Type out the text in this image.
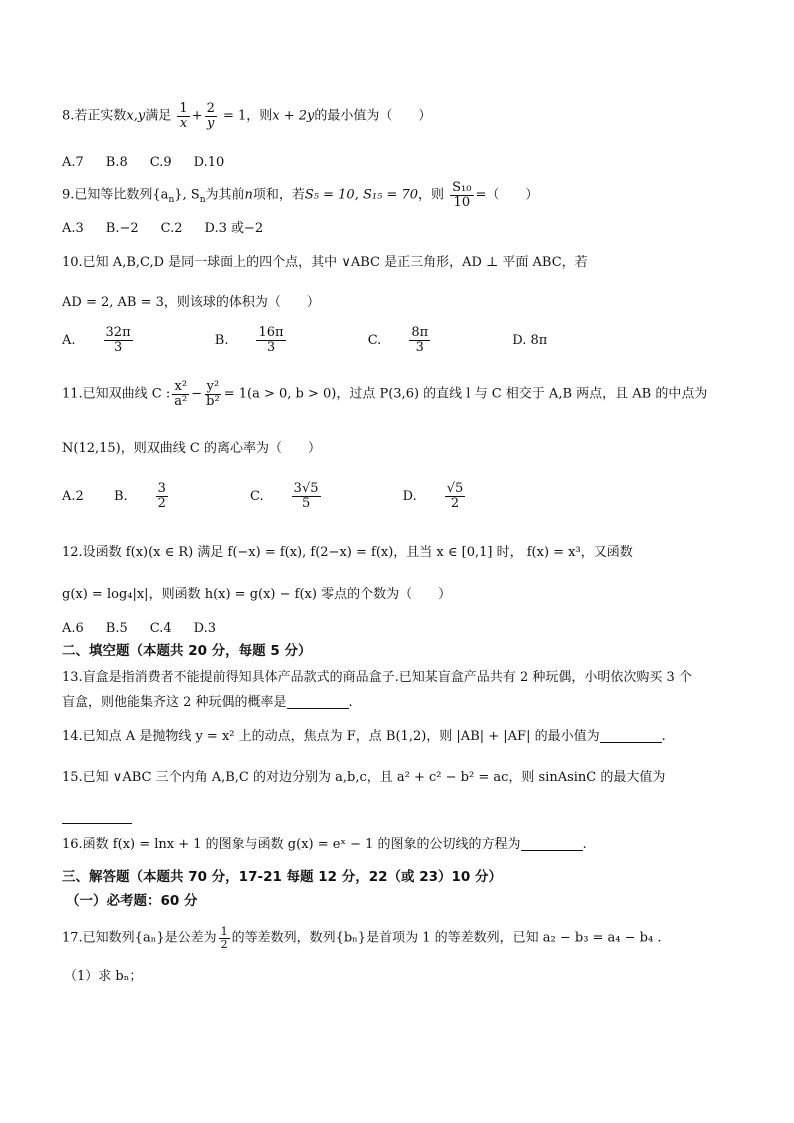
8.若正实数x,y满足 $\frac{1}{x} + \frac{2}{y} = 1$，则x + 2y的最小值为（　　）
A.7 B.8 C.9 D.10
9.已知等比数列$\{a_n\}$, $S_n$为其前n项和，若S₅ = 10, S₁₅ = 70，则 $\frac{\text{S₁₀}}{10}$ =（　　）
A.3 B.−2 C.2 D.3 或−2
10.已知 A,B,C,D 是同一球面上的四个点，其中 ∨ABC 是正三角形，AD ⊥ 平面 ABC，若
AD = 2, AB = 3，则该球的体积为（　　）
A. $\frac{32\pi}{3}$	B. $\frac{16\pi}{3}$	C. $\frac{8\pi}{3}$	D. 8π
11.已知双曲线 C : $\frac{\text{x²}}{\text{a²}} - \frac{\text{y²}}{\text{b²}} = 1(a > 0$, b > 0)，过点 P(3,6) 的直线 l 与 C 相交于 A,B 两点，且 AB 的中点为
N(12,15)，则双曲线 C 的离心率为（　　）
A.2 B. $\frac{3}{2}$	C. $\frac{3√5}{5}$	D. $\frac{√5}{2}$
12.设函数 f(x)(x ∈ R) 满足 f(−x) = f(x), f(2−x) = f(x)，且当 x ∈ [0,1] 时， f(x) = x³，又函数
g(x) = log₄|x|，则函数 h(x) = g(x) − f(x) 零点的个数为（　　）
A.6 B.5 C.4 D.3
二、填空题（本题共 20 分，每题 5 分）
13.盲盒是指消费者不能提前得知具体产品款式的商品盒子.已知某盲盒产品共有 2 种玩偶，小明依次购买 3 个
盲盒，则他能集齐这 2 种玩偶的概率是	.
14.已知点 A 是抛物线 y = x² 上的动点，焦点为 F，点 B(1,2)，则 |AB| + |AF| 的最小值为	.
15.已知 ∨ABC 三个内角 A,B,C 的对边分别为 a,b,c，且 a² + c² − b² = ac，则 sinAsinC 的最大值为
16.函数 f(x) = lnx + 1 的图象与函数 g(x) = eˣ − 1 的图象的公切线的方程为	.
三、解答题（本题共 70 分，17-21 每题 12 分，22（或 23）10 分）
（一）必考题：60 分
17.已知数列{aₙ}是公差为 $\frac{1}{2}$ 的等差数列，数列{bₙ}是首项为 1 的等差数列，已知 a₂ − b₃ = a₄ − b₄ .
（1）求 bₙ；
